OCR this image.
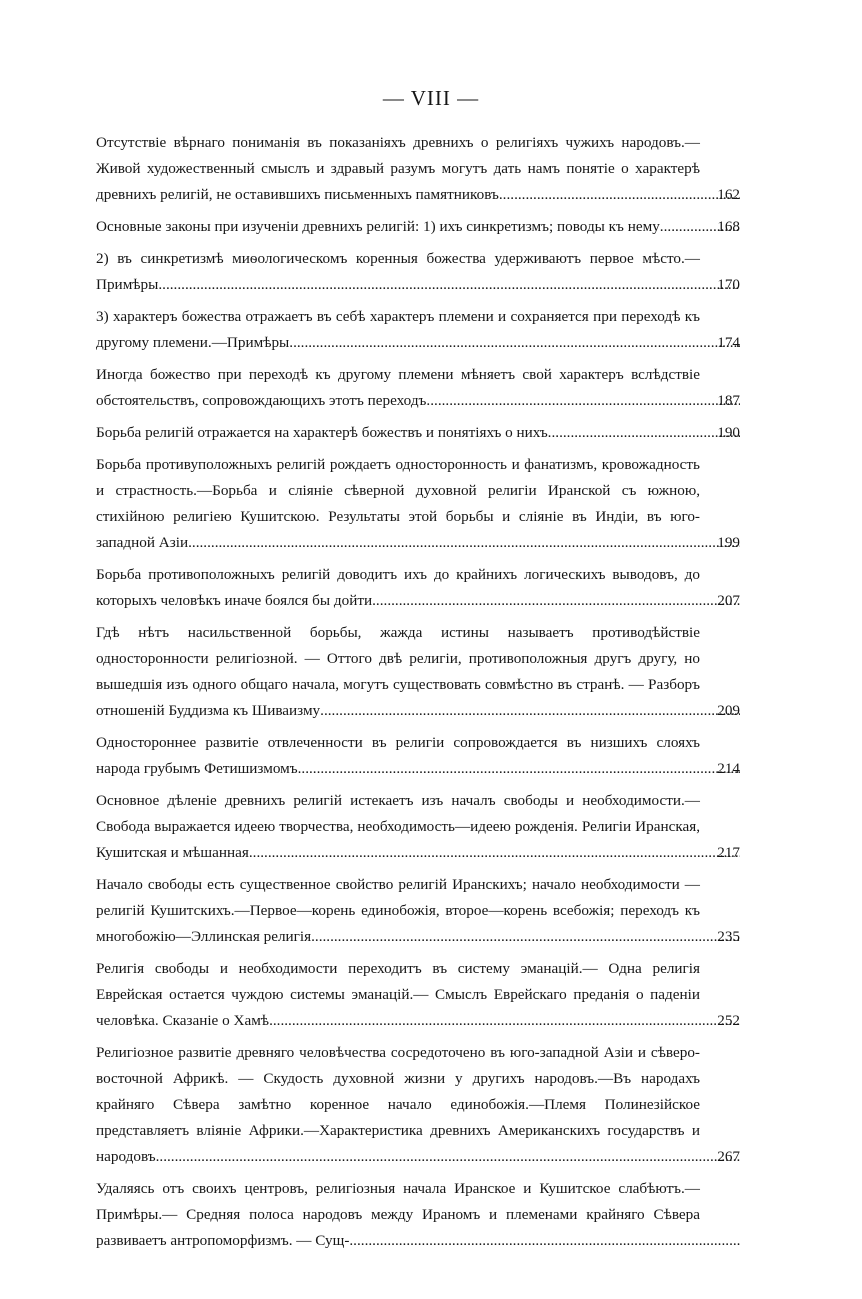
— VIII —
Отсутствіе вѣрнаго пониманія въ показаніяхъ древнихъ о религіяхъ чужихъ народовъ.—Живой художественный смыслъ и здравый разумъ могутъ дать намъ понятіе о характерѣ древнихъ религій, не оставившихъ письменныхъ памятниковъ .....	162
Основные законы при изученіи древнихъ религій: 1) ихъ синкретизмъ; поводы къ нему .....	168
2) въ синкретизмѣ миѳологическомъ коренныя божества удерживаютъ первое мѣсто.—Примѣры .....	170
3) характеръ божества отражаетъ въ себѣ характеръ племени и сохраняется при переходѣ къ другому племени.—Примѣры .....	174
Иногда божество при переходѣ къ другому племени мѣняетъ свой характеръ вслѣдствіе обстоятельствъ, сопровождающихъ этотъ переходъ .....	187
Борьба религій отражается на характерѣ божествъ и понятіяхъ о нихъ. .....	190
Борьба противуположныхъ религій рождаетъ односторонность и фанатизмъ, кровожадность и страстность.—Борьба и сліяніе сѣверной духовной религіи Иранской съ южною, стихійною религіею Кушитскою. Результаты этой борьбы и сліяніе въ Индіи, въ юго-западной Азіи .....	199
Борьба противоположныхъ религій доводитъ ихъ до крайнихъ логическихъ выводовъ, до которыхъ человѣкъ иначе боялся бы дойти .....	207
Гдѣ нѣтъ насильственной борьбы, жажда истины называетъ противодѣйствіе односторонности религіозной. — Оттого двѣ религіи, противоположныя другъ другу, но вышедшія изъ одного общаго начала, могутъ существовать совмѣстно въ странѣ. — Разборъ отношеній Буддизма къ Шиваизму .....	209
Одностороннее развитіе отвлеченности въ религіи сопровождается въ низшихъ слояхъ народа грубымъ Фетишизмомъ .....	214
Основное дѣленіе древнихъ религій истекаетъ изъ началъ свободы и необходимости.—Свобода выражается идеею творчества, необходимость—идеею рожденія. Религіи Иранская, Кушитская и мѣшанная .....	217
Начало свободы есть существенное свойство религій Иранскихъ; начало необходимости — религій Кушитскихъ.—Первое—корень единобожія, второе—корень всебожія; переходъ къ многобожію—Эллинская религія .....	235
Религія свободы и необходимости переходитъ въ систему эманацій.— Одна религія Еврейская остается чуждою системы эманацій.— Смыслъ Еврейскаго преданія о паденіи человѣка. Сказаніе о Хамѣ .....	252
Религіозное развитіе древняго человѣчества сосредоточено въ юго-западной Азіи и сѣверо-восточной Африкѣ. — Скудость духовной жизни у другихъ народовъ.—Въ народахъ крайняго Сѣвера замѣтно коренное начало единобожія.—Племя Полинезійское представляетъ вліяніе Африки.—Характеристика древнихъ Американскихъ государствъ и народовъ. .....	267
Удаляясь отъ своихъ центровъ, религіозныя начала Иранское и Кушитское слабѣютъ.—Примѣры.— Средняя полоса народовъ между Ираномъ и племенами крайняго Сѣвера развиваетъ антропоморфизмъ. — Сущ- .....
